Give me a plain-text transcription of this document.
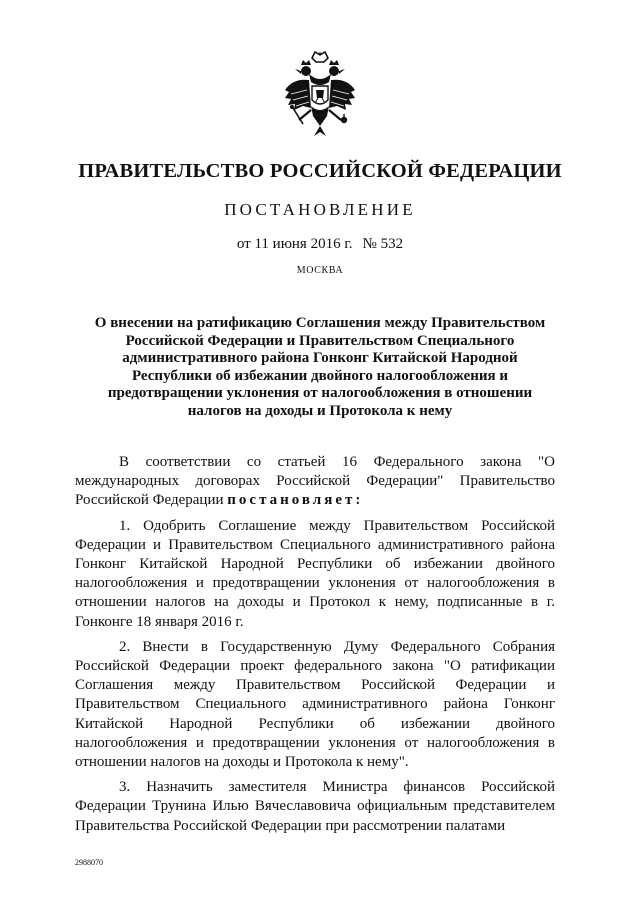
ПРАВИТЕЛЬСТВО РОССИЙСКОЙ ФЕДЕРАЦИИ
ПОСТАНОВЛЕНИЕ
от 11 июня 2016 г. № 532
МОСКВА
О внесении на ратификацию Соглашения между Правительством Российской Федерации и Правительством Специального административного района Гонконг Китайской Народной Республики об избежании двойного налогообложения и предотвращении уклонения от налогообложения в отношении налогов на доходы и Протокола к нему

В соответствии со статьей 16 Федерального закона "О международных договорах Российской Федерации" Правительство Российской Федерации постановляет:

1. Одобрить Соглашение между Правительством Российской Федерации и Правительством Специального административного района Гонконг Китайской Народной Республики об избежании двойного налогообложения и предотвращении уклонения от налогообложения в отношении налогов на доходы и Протокол к нему, подписанные в г. Гонконге 18 января 2016 г.

2. Внести в Государственную Думу Федерального Собрания Российской Федерации проект федерального закона "О ратификации Соглашения между Правительством Российской Федерации и Правительством Специального административного района Гонконг Китайской Народной Республики об избежании двойного налогообложения и предотвращении уклонения от налогообложения в отношении налогов на доходы и Протокола к нему".

3. Назначить заместителя Министра финансов Российской Федерации Трунина Илью Вячеславовича официальным представителем Правительства Российской Федерации при рассмотрении палатами

2988070
